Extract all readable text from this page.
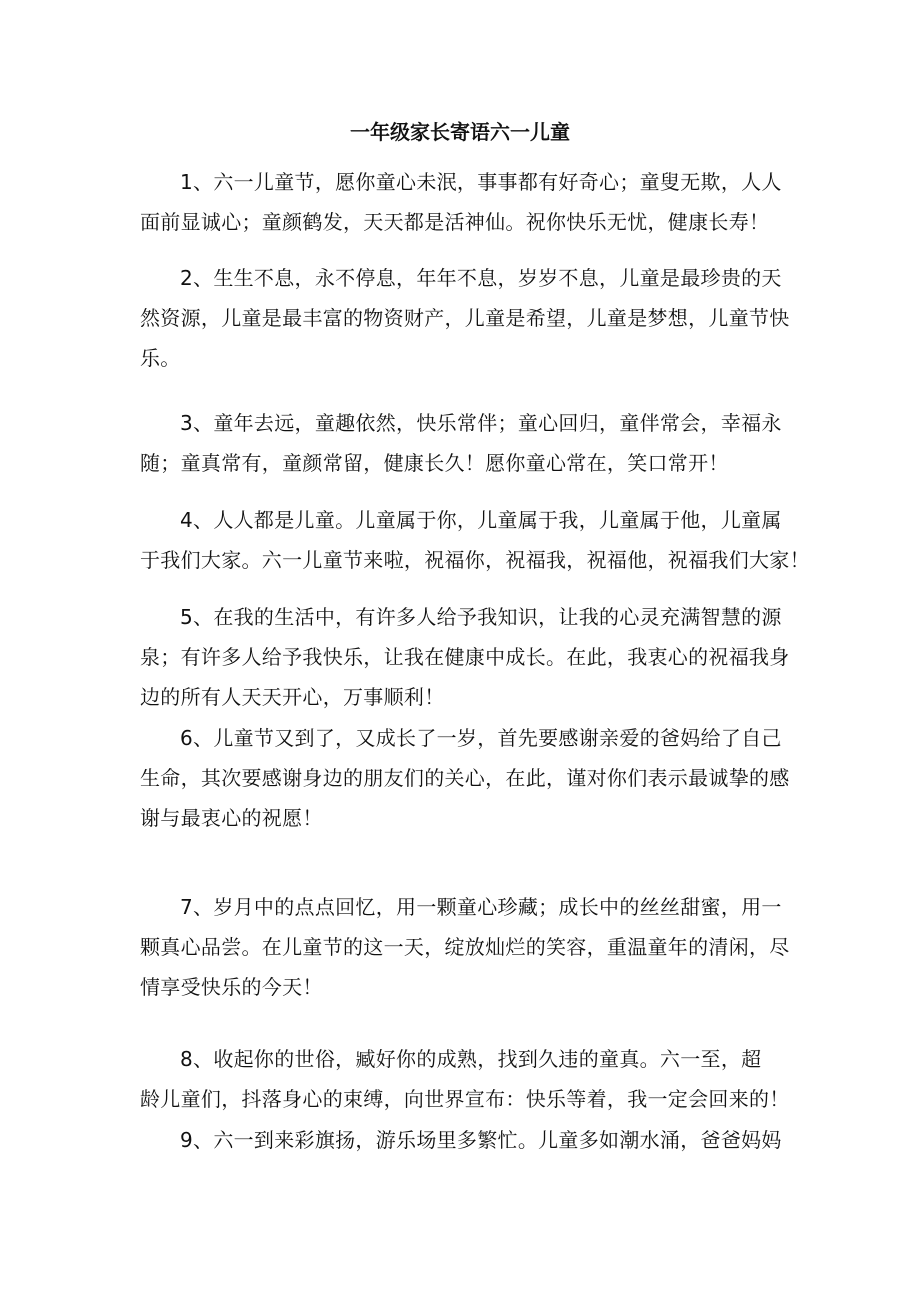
一年级家长寄语六一儿童
1、六一儿童节，愿你童心未泯，事事都有好奇心；童叟无欺，人人
面前显诚心；童颜鹤发，天天都是活神仙。祝你快乐无忧，健康长寿！
2、生生不息，永不停息，年年不息，岁岁不息，儿童是最珍贵的天
然资源，儿童是最丰富的物资财产，儿童是希望，儿童是梦想，儿童节快
乐。
3、童年去远，童趣依然，快乐常伴；童心回归，童伴常会，幸福永
随；童真常有，童颜常留，健康长久！愿你童心常在，笑口常开！
4、人人都是儿童。儿童属于你，儿童属于我，儿童属于他，儿童属
于我们大家。六一儿童节来啦，祝福你，祝福我，祝福他，祝福我们大家！
5、在我的生活中，有许多人给予我知识，让我的心灵充满智慧的源
泉；有许多人给予我快乐，让我在健康中成长。在此，我衷心的祝福我身
边的所有人天天开心，万事顺利！
6、儿童节又到了，又成长了一岁，首先要感谢亲爱的爸妈给了自己
生命，其次要感谢身边的朋友们的关心，在此，谨对你们表示最诚挚的感
谢与最衷心的祝愿！
7、岁月中的点点回忆，用一颗童心珍藏；成长中的丝丝甜蜜，用一
颗真心品尝。在儿童节的这一天，绽放灿烂的笑容，重温童年的清闲，尽
情享受快乐的今天！
8、收起你的世俗，臧好你的成熟，找到久违的童真。六一至，超
龄儿童们，抖落身心的束缚，向世界宣布：快乐等着，我一定会回来的！
9、六一到来彩旗扬，游乐场里多繁忙。儿童多如潮水涌，爸爸妈妈
